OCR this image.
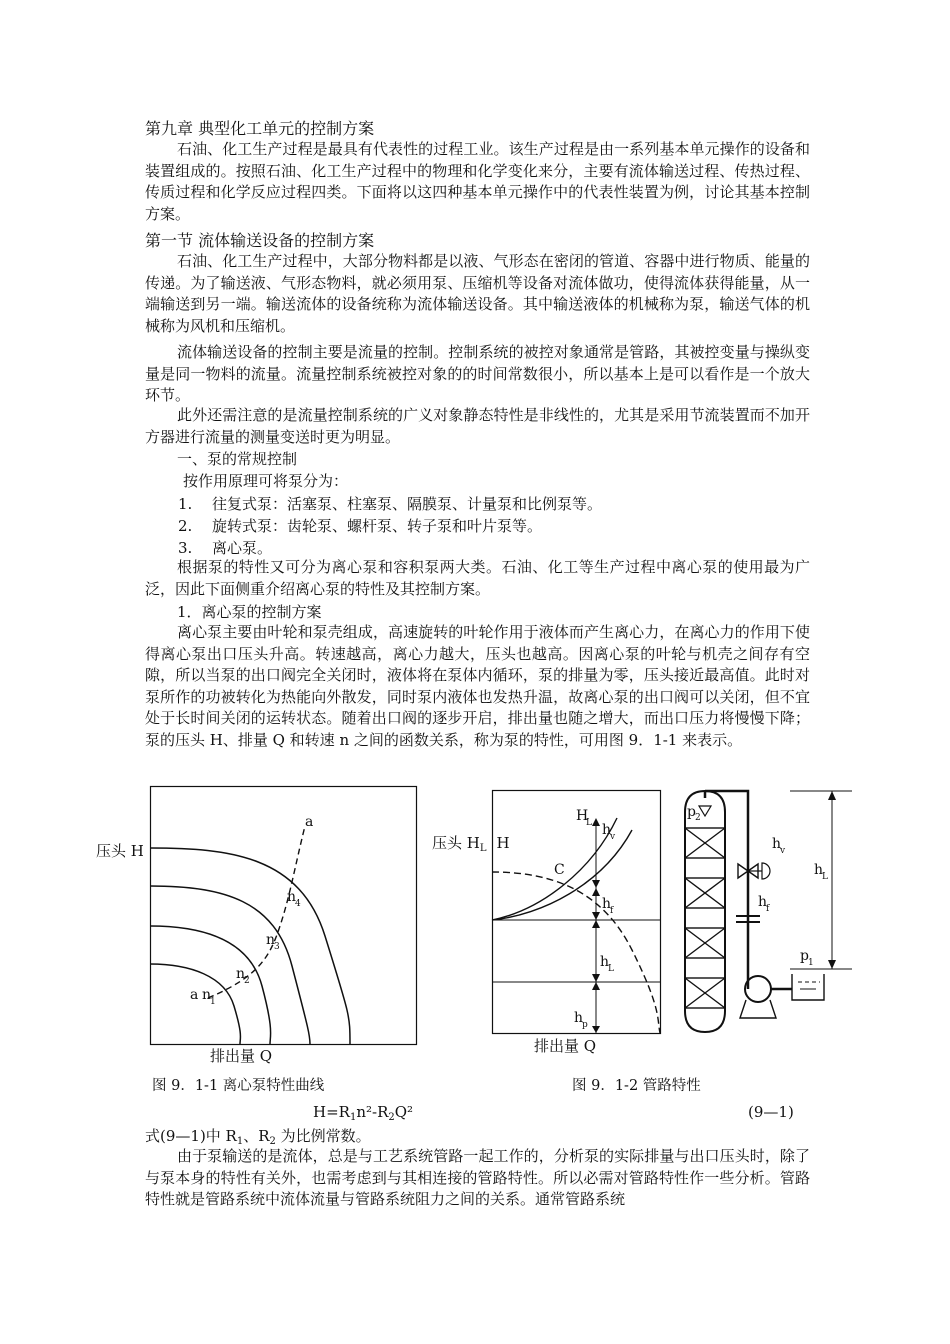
第九章 典型化工单元的控制方案

石油、化工生产过程是最具有代表性的过程工业。该生产过程是由一系列基本单元操作的设备和装置组成的。按照石油、化工生产过程中的物理和化学变化来分，主要有流体输送过程、传热过程、传质过程和化学反应过程四类。下面将以这四种基本单元操作中的代表性装置为例，讨论其基本控制方案。

第一节 流体输送设备的控制方案

石油、化工生产过程中，大部分物料都是以液、气形态在密闭的管道、容器中进行物质、能量的传递。为了输送液、气形态物料，就必须用泵、压缩机等设备对流体做功，使得流体获得能量，从一端输送到另一端。输送流体的设备统称为流体输送设备。其中输送液体的机械称为泵，输送气体的机械称为风机和压缩机。

流体输送设备的控制主要是流量的控制。控制系统的被控对象通常是管路，其被控变量与操纵变量是同一物料的流量。流量控制系统被控对象的的时间常数很小，所以基本上是可以看作是一个放大环节。

此外还需注意的是流量控制系统的广义对象静态特性是非线性的，尤其是采用节流装置而不加开方器进行流量的测量变送时更为明显。

一、泵的常规控制

按作用原理可将泵分为：

1. 往复式泵：活塞泵、柱塞泵、隔膜泵、计量泵和比例泵等。
2. 旋转式泵：齿轮泵、螺杆泵、转子泵和叶片泵等。
3. 离心泵。

根据泵的特性又可分为离心泵和容积泵两大类。石油、化工等生产过程中离心泵的使用最为广泛，因此下面侧重介绍离心泵的特性及其控制方案。

1．离心泵的控制方案

离心泵主要由叶轮和泵壳组成，高速旋转的叶轮作用于液体而产生离心力，在离心力的作用下使得离心泵出口压头升高。转速越高，离心力越大，压头也越高。因离心泵的叶轮与机壳之间存有空隙，所以当泵的出口阀完全关闭时，液体将在泵体内循环，泵的排量为零，压头接近最高值。此时对泵所作的功被转化为热能向外散发，同时泵内液体也发热升温，故离心泵的出口阀可以关闭，但不宜处于长时间关闭的运转状态。随着出口阀的逐步开启，排出量也随之增大，而出口压力将慢慢下降；泵的压头 H、排量 Q 和转速 n 之间的函数关系，称为泵的特性，可用图 9．1-1 来表示。

压头 H
a
a n
1
n
2
n
3
n
4
排出量 Q
图 9．1-1 离心泵特性曲线
压头 $H_L$ H
H
L h
v
C
h
f
h
L
h
p
排出量 Q
p 2
h
v
h
f
h
L
p 1
图 9．1-2 管路特性
$H=R_1n^2-R_2Q^2$	(9—1)
式(9—1)中 $R_1$、$R_2$ 为比例常数。

由于泵输送的是流体，总是与工艺系统管路一起工作的，分析泵的实际排量与出口压头时，除了与泵本身的特性有关外，也需考虑到与其相连接的管路特性。所以必需对管路特性作一些分析。管路特性就是管路系统中流体流量与管路系统阻力之间的关系。通常管路系统
